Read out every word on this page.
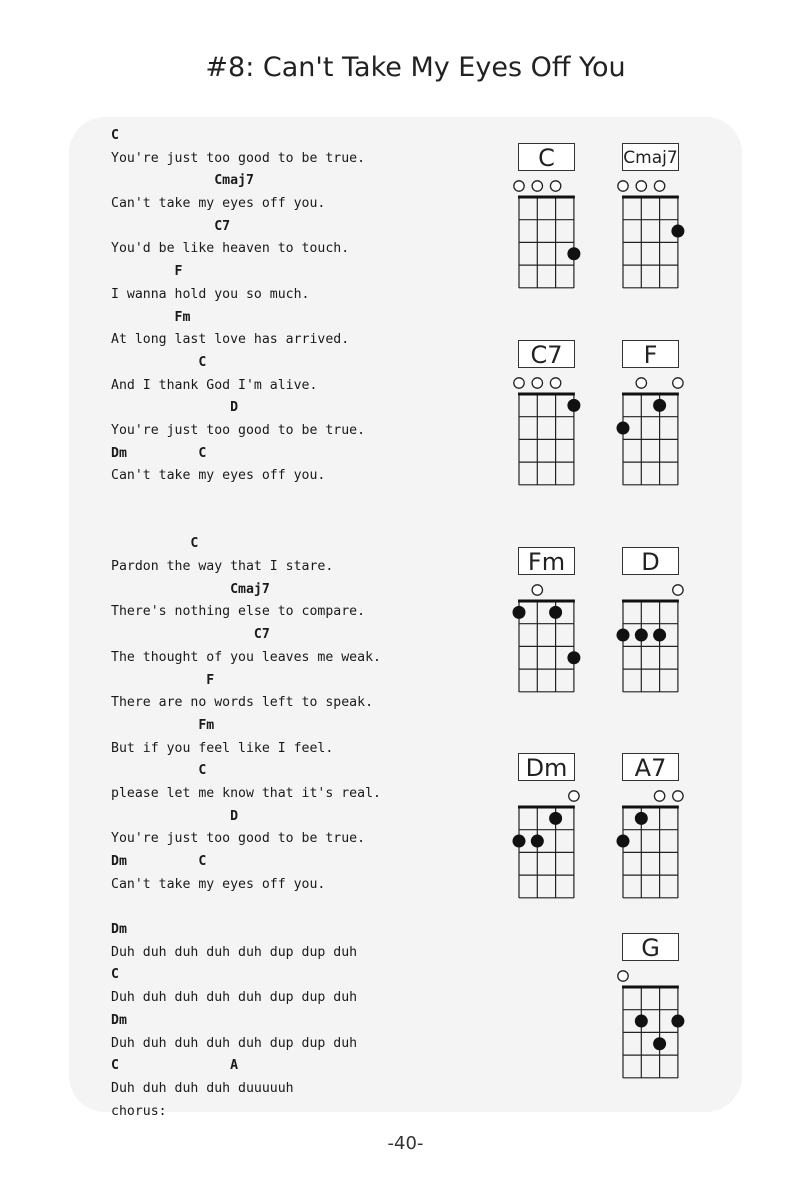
#8: Can't Take My Eyes Off You
C
You're just too good to be true.
Cmaj7
Can't take my eyes off you.
C7
You'd be like heaven to touch.
F
I wanna hold you so much.
Fm
At long last love has arrived.
C
And I thank God I'm alive.
D
You're just too good to be true.
Dm         C
Can't take my eyes off you.
C
Pardon the way that I stare.
Cmaj7
There's nothing else to compare.
C7
The thought of you leaves me weak.
F
There are no words left to speak.
Fm
But if you feel like I feel.
C
please let me know that it's real.
D
You're just too good to be true.
Dm         C
Can't take my eyes off you.
Dm
Duh duh duh duh duh dup dup duh
C
Duh duh duh duh duh dup dup duh
Dm
Duh duh duh duh duh dup dup duh
C              A
Duh duh duh duh duuuuuh
chorus:
C	Cmaj7
C7	F
Fm	D
Dm	A7
G
-40-
